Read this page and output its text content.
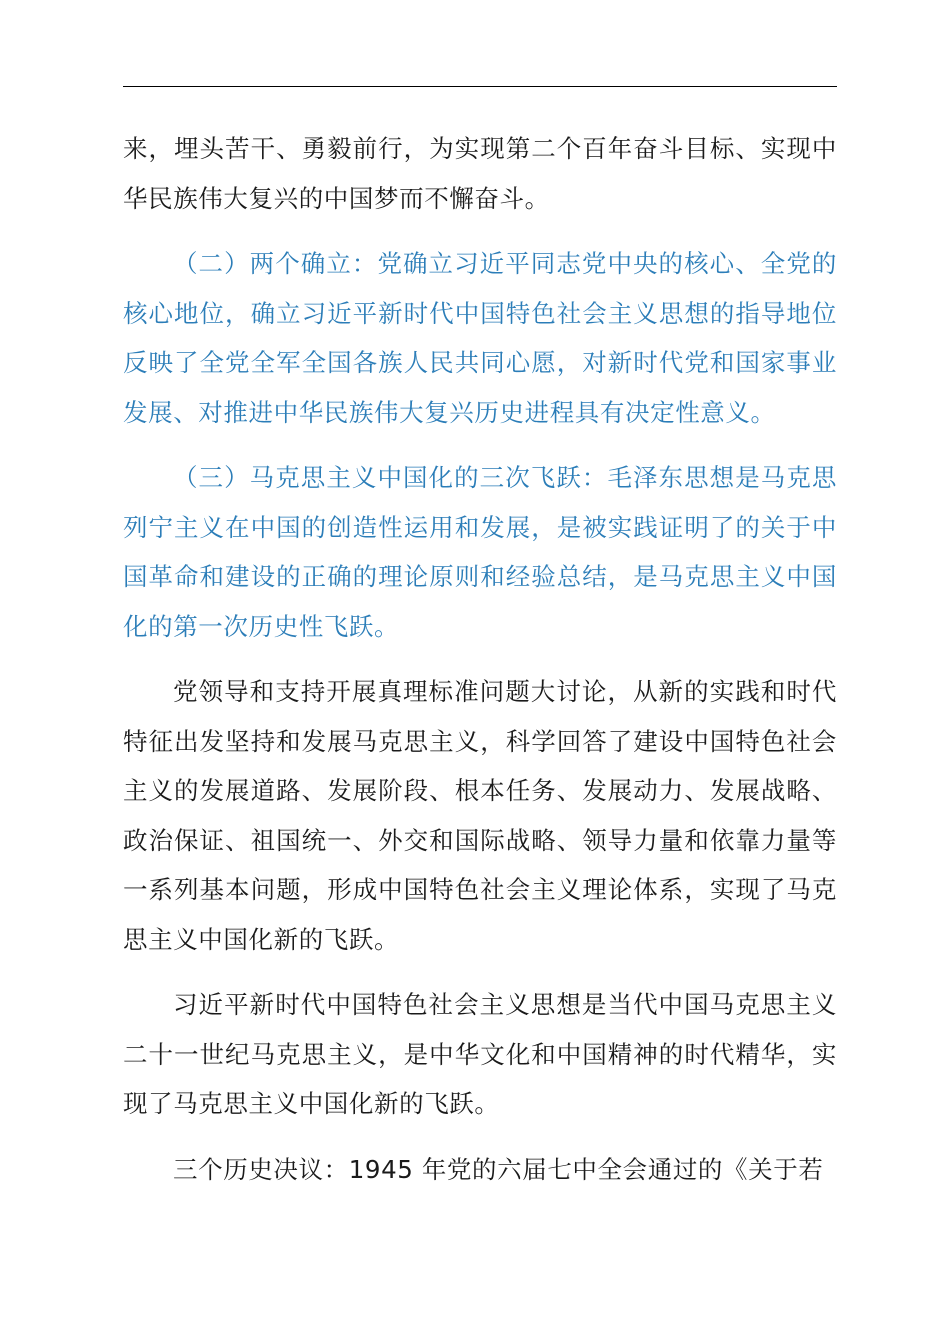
来，埋头苦干、勇毅前行，为实现第二个百年奋斗目标、实现中华民族伟大复兴的中国梦而不懈奋斗。

（二）两个确立：党确立习近平同志党中央的核心、全党的核心地位，确立习近平新时代中国特色社会主义思想的指导地位反映了全党全军全国各族人民共同心愿，对新时代党和国家事业发展、对推进中华民族伟大复兴历史进程具有决定性意义。

（三）马克思主义中国化的三次飞跃：毛泽东思想是马克思列宁主义在中国的创造性运用和发展，是被实践证明了的关于中国革命和建设的正确的理论原则和经验总结，是马克思主义中国化的第一次历史性飞跃。

党领导和支持开展真理标准问题大讨论，从新的实践和时代特征出发坚持和发展马克思主义，科学回答了建设中国特色社会主义的发展道路、发展阶段、根本任务、发展动力、发展战略、政治保证、祖国统一、外交和国际战略、领导力量和依靠力量等一系列基本问题，形成中国特色社会主义理论体系，实现了马克思主义中国化新的飞跃。

习近平新时代中国特色社会主义思想是当代中国马克思主义二十一世纪马克思主义，是中华文化和中国精神的时代精华，实现了马克思主义中国化新的飞跃。

三个历史决议：1945 年党的六届七中全会通过的《关于若
